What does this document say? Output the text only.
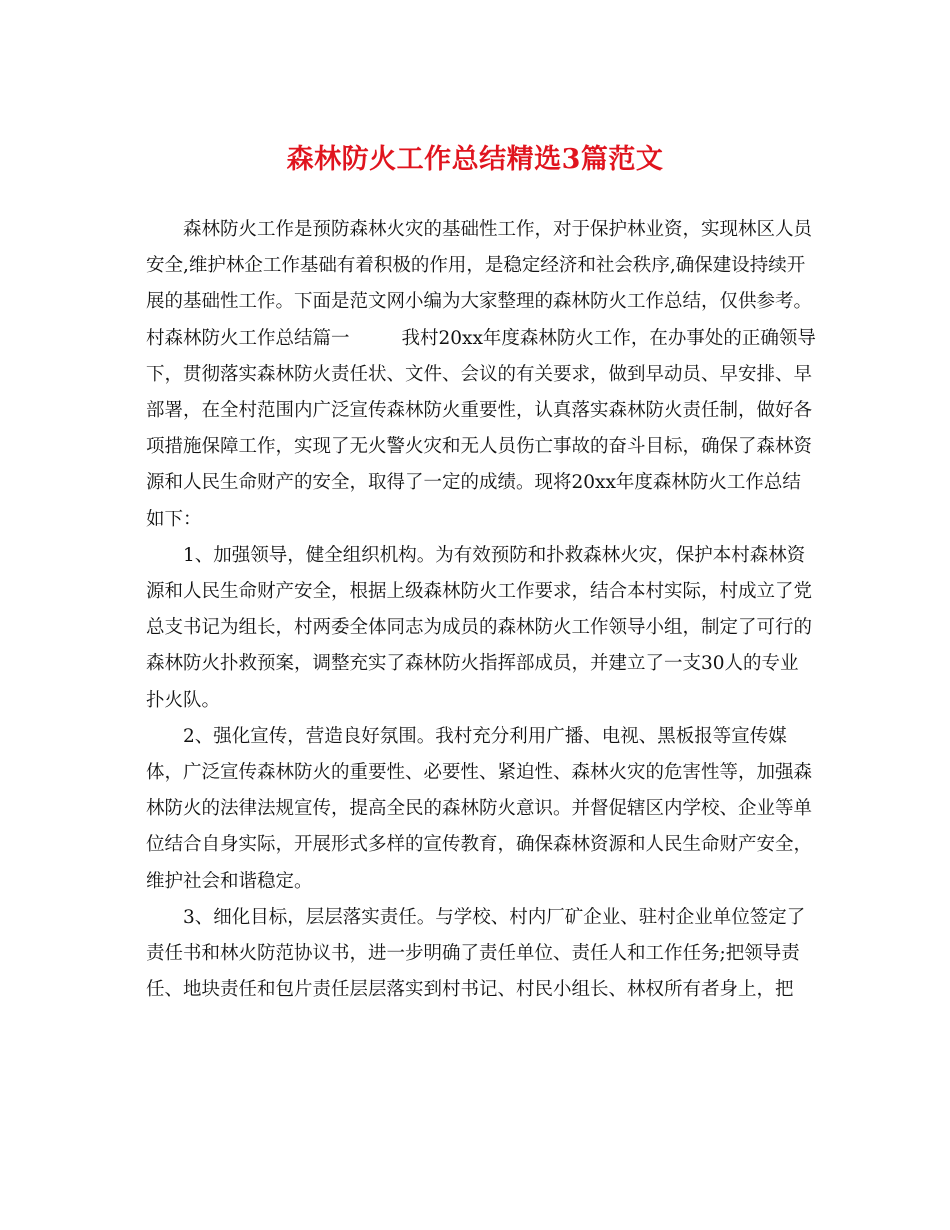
森林防火工作总结精选3篇范文

森林防火工作是预防森林火灾的基础性工作，对于保护林业资，实现林区人员安全,维护林企工作基础有着积极的作用，是稳定经济和社会秩序,确保建设持续开展的基础性工作。下面是范文网小编为大家整理的森林防火工作总结，仅供参考。

村森林防火工作总结篇一	我村20xx年度森林防火工作，在办事处的正确领导下，贯彻落实森林防火责任状、文件、会议的有关要求，做到早动员、早安排、早部署，在全村范围内广泛宣传森林防火重要性，认真落实森林防火责任制，做好各项措施保障工作，实现了无火警火灾和无人员伤亡事故的奋斗目标，确保了森林资源和人民生命财产的安全，取得了一定的成绩。现将20xx年度森林防火工作总结如下：

1、加强领导，健全组织机构。为有效预防和扑救森林火灾，保护本村森林资源和人民生命财产安全，根据上级森林防火工作要求，结合本村实际，村成立了党总支书记为组长，村两委全体同志为成员的森林防火工作领导小组，制定了可行的森林防火扑救预案，调整充实了森林防火指挥部成员，并建立了一支30人的专业扑火队。

2、强化宣传，营造良好氛围。我村充分利用广播、电视、黑板报等宣传媒体，广泛宣传森林防火的重要性、必要性、紧迫性、森林火灾的危害性等，加强森林防火的法律法规宣传，提高全民的森林防火意识。并督促辖区内学校、企业等单位结合自身实际，开展形式多样的宣传教育，确保森林资源和人民生命财产安全，维护社会和谐稳定。

3、细化目标，层层落实责任。与学校、村内厂矿企业、驻村企业单位签定了责任书和林火防范协议书，进一步明确了责任单位、责任人和工作任务;把领导责任、地块责任和包片责任层层落实到村书记、村民小组长、林权所有者身上，把
